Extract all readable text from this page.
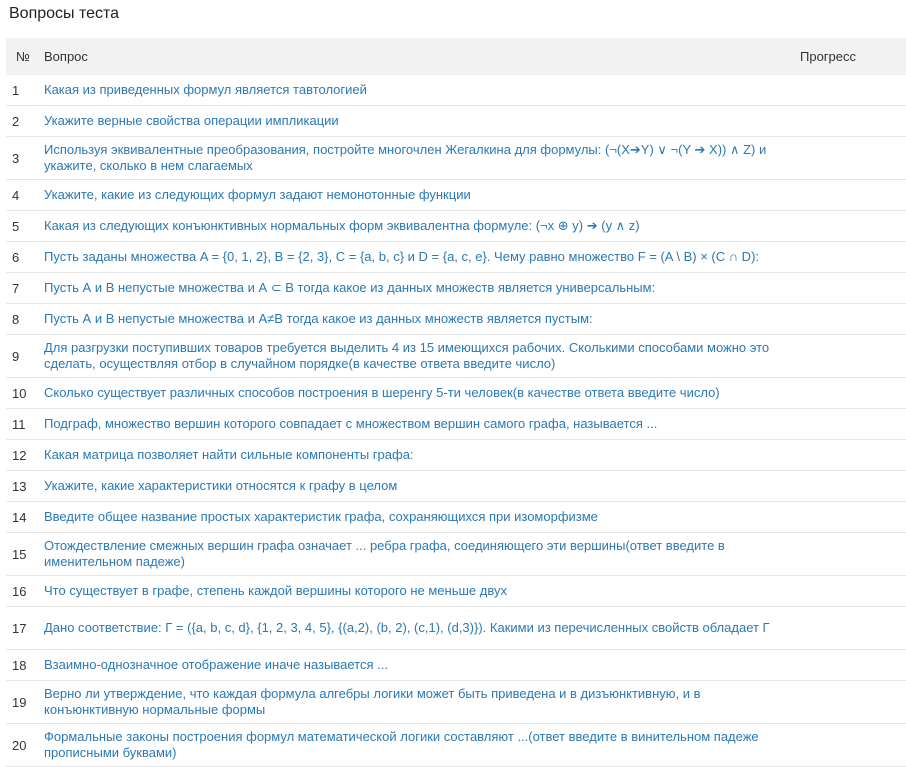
Вопросы теста
№	Вопрос	Прогресс
1	Какая из приведенных формул является тавтологией	
2	Укажите верные свойства операции импликации	
3	Используя эквивалентные преобразования, постройте многочлен Жегалкина для формулы: (¬(X➔Y) ∨ ¬(Y ➔ X)) ∧ Z) и укажите, сколько в нем слагаемых	
4	Укажите, какие из следующих формул задают немонотонные функции	
5	Какая из следующих конъюнктивных нормальных форм эквивалентна формуле: (¬x ⊕ y) ➔ (y ∧ z)	
6	Пусть заданы множества A = {0, 1, 2}, B = {2, 3}, C = {a, b, c} и D = {a, c, e}. Чему равно множество F = (A \ B) × (C ∩ D):	
7	Пусть А и В непустые множества и А ⊂ В тогда какое из данных множеств является универсальным:	
8	Пусть А и В непустые множества и А≠В тогда какое из данных множеств является пустым:	
9	Для разгрузки поступивших товаров требуется выделить 4 из 15 имеющихся рабочих. Сколькими способами можно это сделать, осуществляя отбор в случайном порядке(в качестве ответа введите число)	
10	Сколько существует различных способов построения в шеренгу 5-ти человек(в качестве ответа введите число)	
11	Подграф, множество вершин которого совпадает с множеством вершин самого графа, называется ...	
12	Какая матрица позволяет найти сильные компоненты графа:	
13	Укажите, какие характеристики относятся к графу в целом	
14	Введите общее название простых характеристик графа, сохраняющихся при изоморфизме	
15	Отождествление смежных вершин графа означает ... ребра графа, соединяющего эти вершины(ответ введите в именительном падеже)	
16	Что существует в графе, степень каждой вершины которого не меньше двух	
17	Дано соответствие: Г = ({a, b, c, d}, {1, 2, 3, 4, 5}, {(a,2), (b, 2), (c,1), (d,3)}). Какими из перечисленных свойств обладает Г	
18	Взаимно-однозначное отображение иначе называется ...	
19	Верно ли утверждение, что каждая формула алгебры логики может быть приведена и в дизъюнктивную, и в конъюнктивную нормальные формы	
20	Формальные законы построения формул математической логики составляют ...(ответ введите в винительном падеже прописными буквами)	
